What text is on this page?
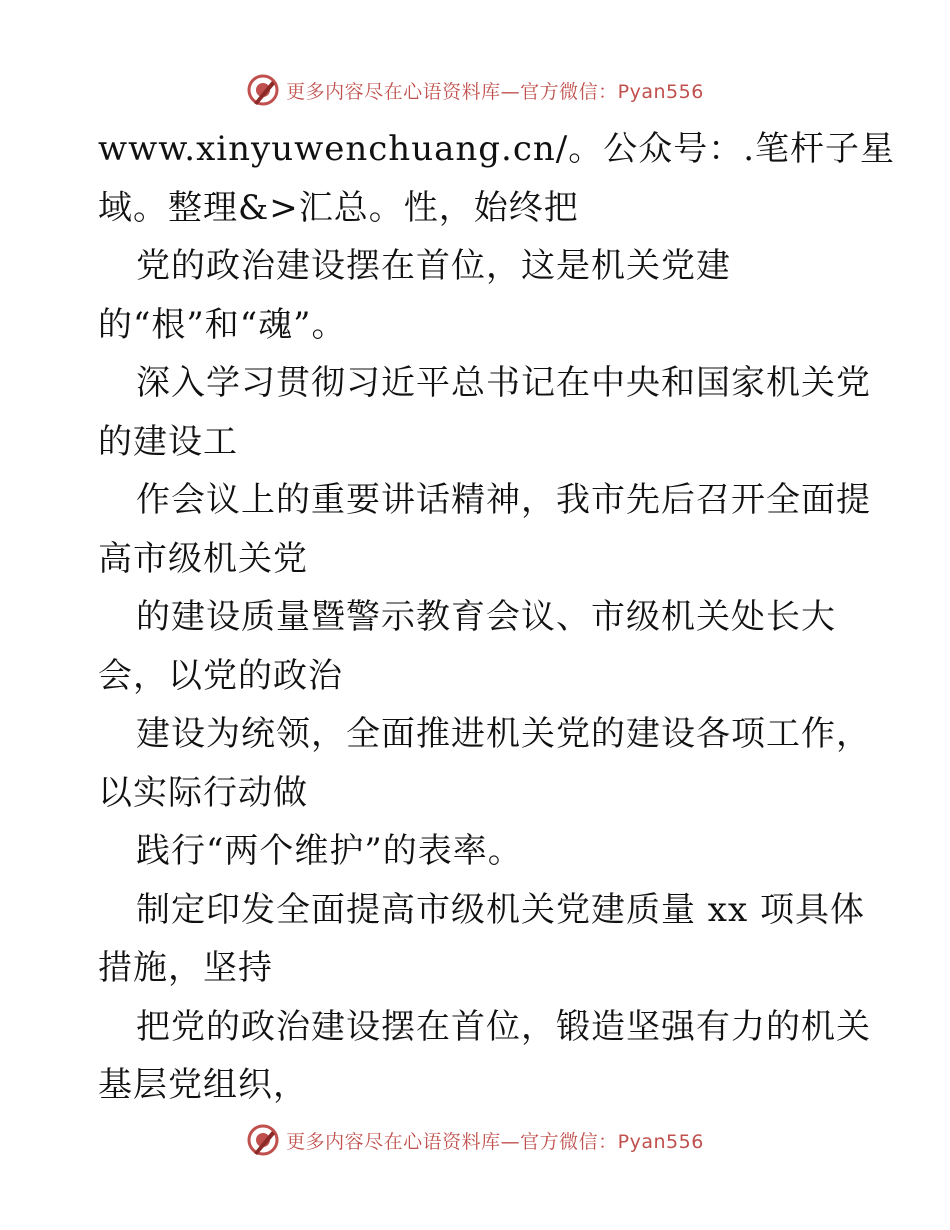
更多内容尽在心语资料库—官方微信：Pyan556
www.xinyuwenchuang.cn/。公众号：.笔杆子星
域。整理&>汇总。性，始终把
党的政治建设摆在首位，这是机关党建
的“根”和“魂”。
深入学习贯彻习近平总书记在中央和国家机关党
的建设工
作会议上的重要讲话精神，我市先后召开全面提
高市级机关党
的建设质量暨警示教育会议、市级机关处长大
会，以党的政治
建设为统领，全面推进机关党的建设各项工作，
以实际行动做
践行“两个维护”的表率。
制定印发全面提高市级机关党建质量 xx 项具体
措施，坚持
把党的政治建设摆在首位，锻造坚强有力的机关
基层党组织，
更多内容尽在心语资料库—官方微信：Pyan556
